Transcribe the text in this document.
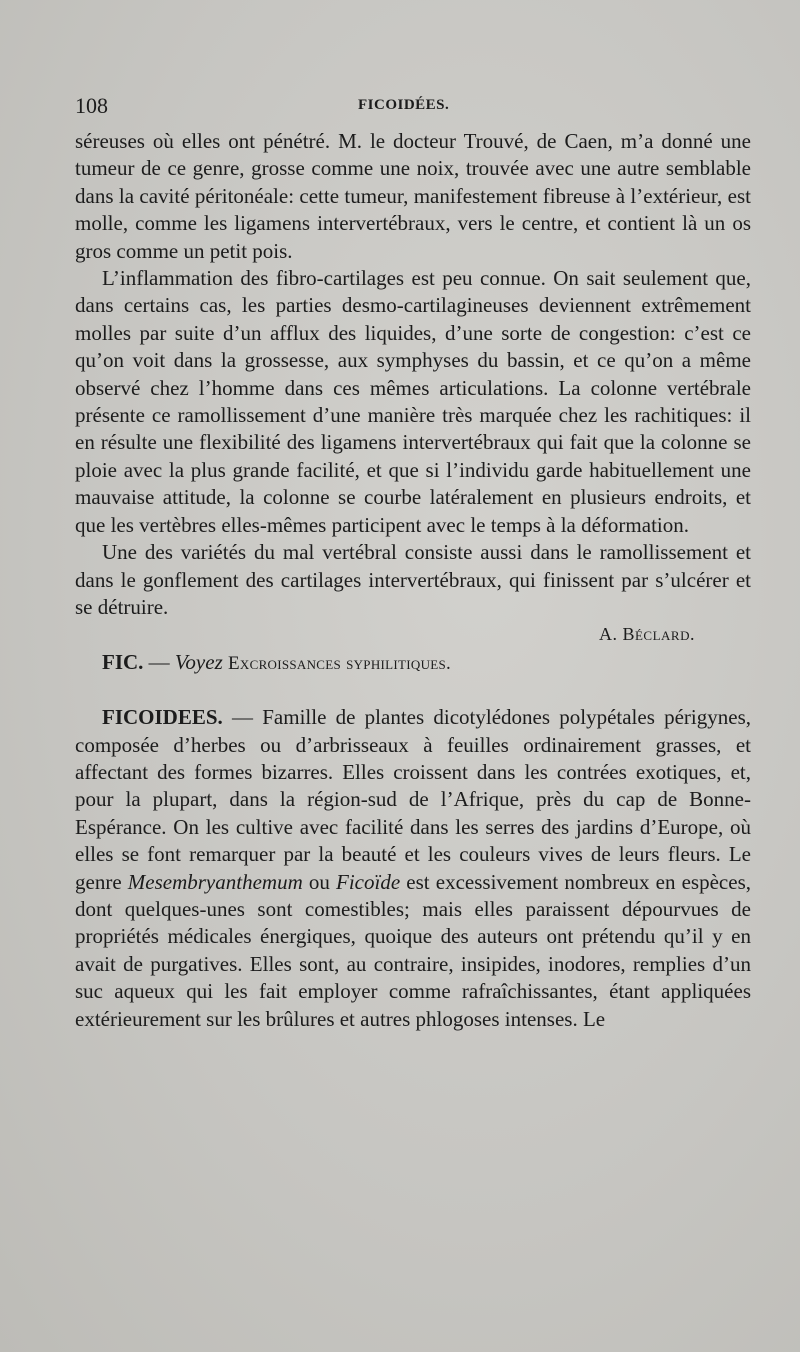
108	FICOIDÉES.

séreuses où elles ont pénétré. M. le docteur Trouvé, de Caen, m’a donné une tumeur de ce genre, grosse comme une noix, trouvée avec une autre semblable dans la cavité péritonéale: cette tumeur, manifestement fibreuse à l’extérieur, est molle, comme les ligamens intervertébraux, vers le centre, et contient là un os gros comme un petit pois.

L’inflammation des fibro-cartilages est peu connue. On sait seulement que, dans certains cas, les parties desmo-cartilagineuses deviennent extrêmement molles par suite d’un afflux des liquides, d’une sorte de congestion: c’est ce qu’on voit dans la grossesse, aux symphyses du bassin, et ce qu’on a même observé chez l’homme dans ces mêmes articulations. La colonne vertébrale présente ce ramollissement d’une manière très marquée chez les rachitiques: il en résulte une flexibilité des ligamens intervertébraux qui fait que la colonne se ploie avec la plus grande facilité, et que si l’individu garde habituellement une mauvaise attitude, la colonne se courbe latéralement en plusieurs endroits, et que les vertèbres elles-mêmes participent avec le temps à la déformation.

Une des variétés du mal vertébral consiste aussi dans le ramollissement et dans le gonflement des cartilages intervertébraux, qui finissent par s’ulcérer et se détruire.

A. Béclard.

FIC. — Voyez Excroissances syphilitiques.

FICOIDEES. — Famille de plantes dicotylédones polypétales périgynes, composée d’herbes ou d’arbrisseaux à feuilles ordinairement grasses, et affectant des formes bizarres. Elles croissent dans les contrées exotiques, et, pour la plupart, dans la région-sud de l’Afrique, près du cap de Bonne-Espérance. On les cultive avec facilité dans les serres des jardins d’Europe, où elles se font remarquer par la beauté et les couleurs vives de leurs fleurs. Le genre Mesembryanthemum ou Ficoïde est excessivement nombreux en espèces, dont quelques-unes sont comestibles; mais elles paraissent dépourvues de propriétés médicales énergiques, quoique des auteurs ont prétendu qu’il y en avait de purgatives. Elles sont, au contraire, insipides, inodores, remplies d’un suc aqueux qui les fait employer comme rafraîchissantes, étant appliquées extérieurement sur les brûlures et autres phlogoses intenses. Le
